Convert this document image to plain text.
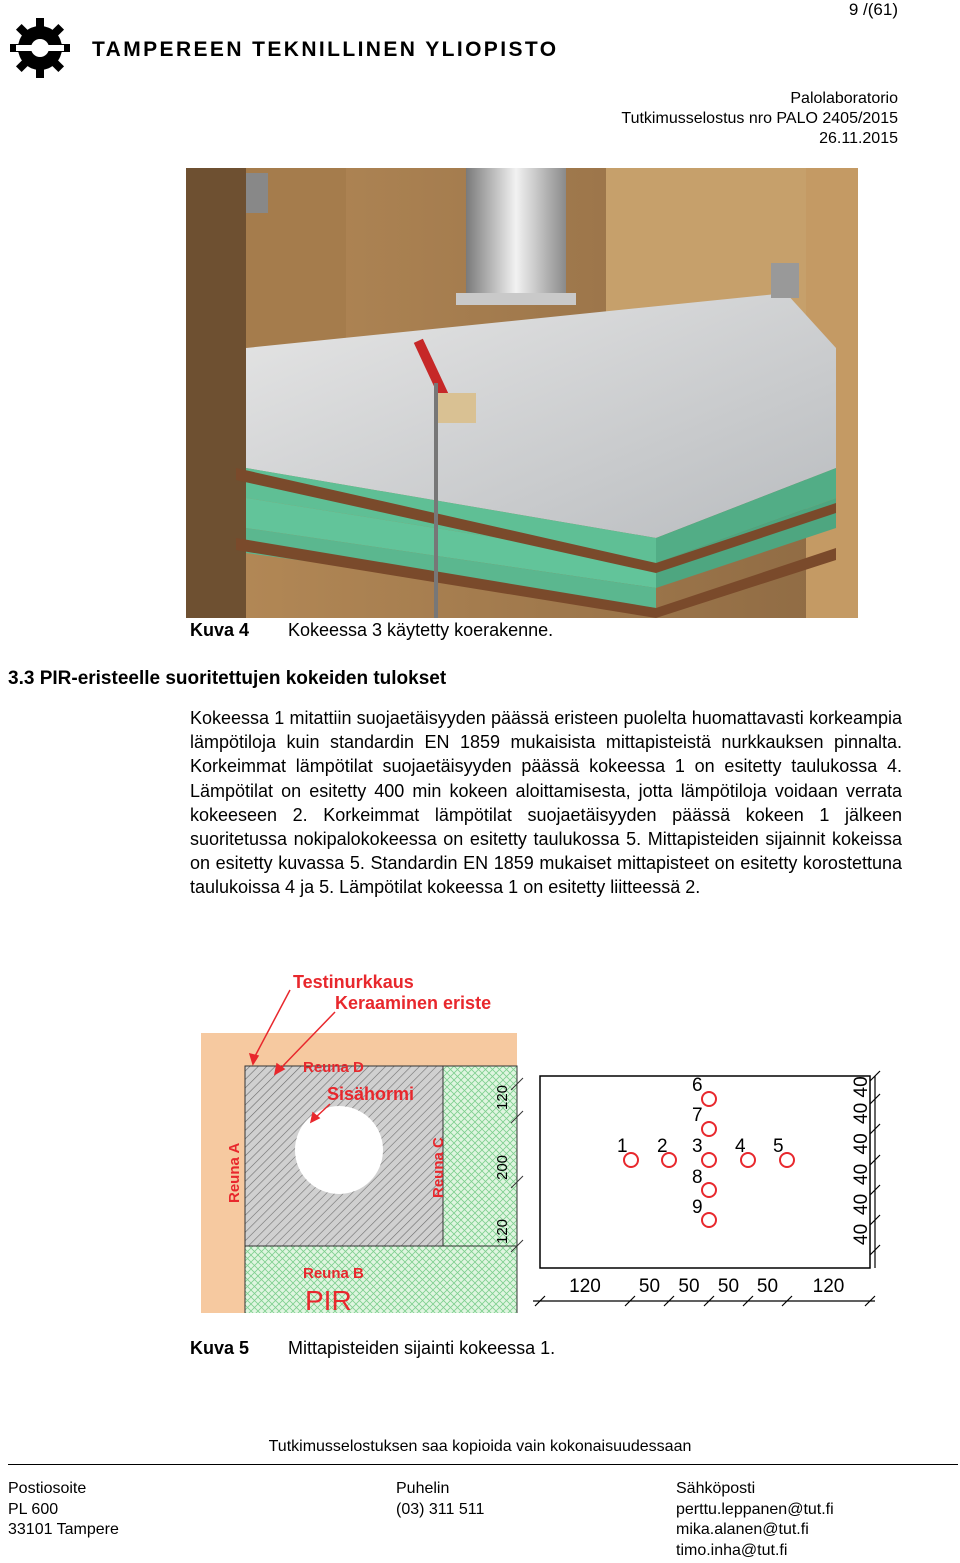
9 /(61)
TAMPEREEN TEKNILLINEN YLIOPISTO
Palolaboratorio
Tutkimusselostus nro PALO 2405/2015
26.11.2015
Kuva 4 Kokeessa 3 käytetty koerakenne.
3.3 PIR-eristeelle suoritettujen kokeiden tulokset
Kokeessa 1 mitattiin suojaetäisyyden päässä eristeen puolelta huomattavasti korkeampia lämpötiloja kuin standardin EN 1859 mukaisista mittapisteistä nurkkauksen pinnalta. Korkeimmat lämpötilat suojaetäisyyden päässä kokeessa 1 on esitetty taulukossa 4. Lämpötilat on esitetty 400 min kokeen aloittamisesta, jotta lämpötiloja voidaan verrata kokeeseen 2. Korkeimmat lämpötilat suojaetäisyyden päässä kokeen 1 jälkeen suoritetussa nokipalokokeessa on esitetty taulukossa 5. Mittapisteiden sijainnit kokeissa on esitetty kuvassa 5. Standardin EN 1859 mukaiset mittapisteet on esitetty korostettuna taulukoissa 4 ja 5. Lämpötilat kokeessa 1 on esitetty liitteessä 2.
Testinurkkaus
Keraaminen eriste
Reuna D
Sisähormi
Reuna B
PIR
Reuna A	Reuna C
120
200
120
1 2 3 4 5
6
7
8
9
120 50 50 50 50 120
40
40
40
40
40
40
Kuva 5 Mittapisteiden sijainti kokeessa 1.
Tutkimusselostuksen saa kopioida vain kokonaisuudessaan
Postiosoite
PL 600
33101 Tampere
Puhelin
(03) 311 511
Sähköposti
perttu.leppanen@tut.fi
mika.alanen@tut.fi
timo.inha@tut.fi
